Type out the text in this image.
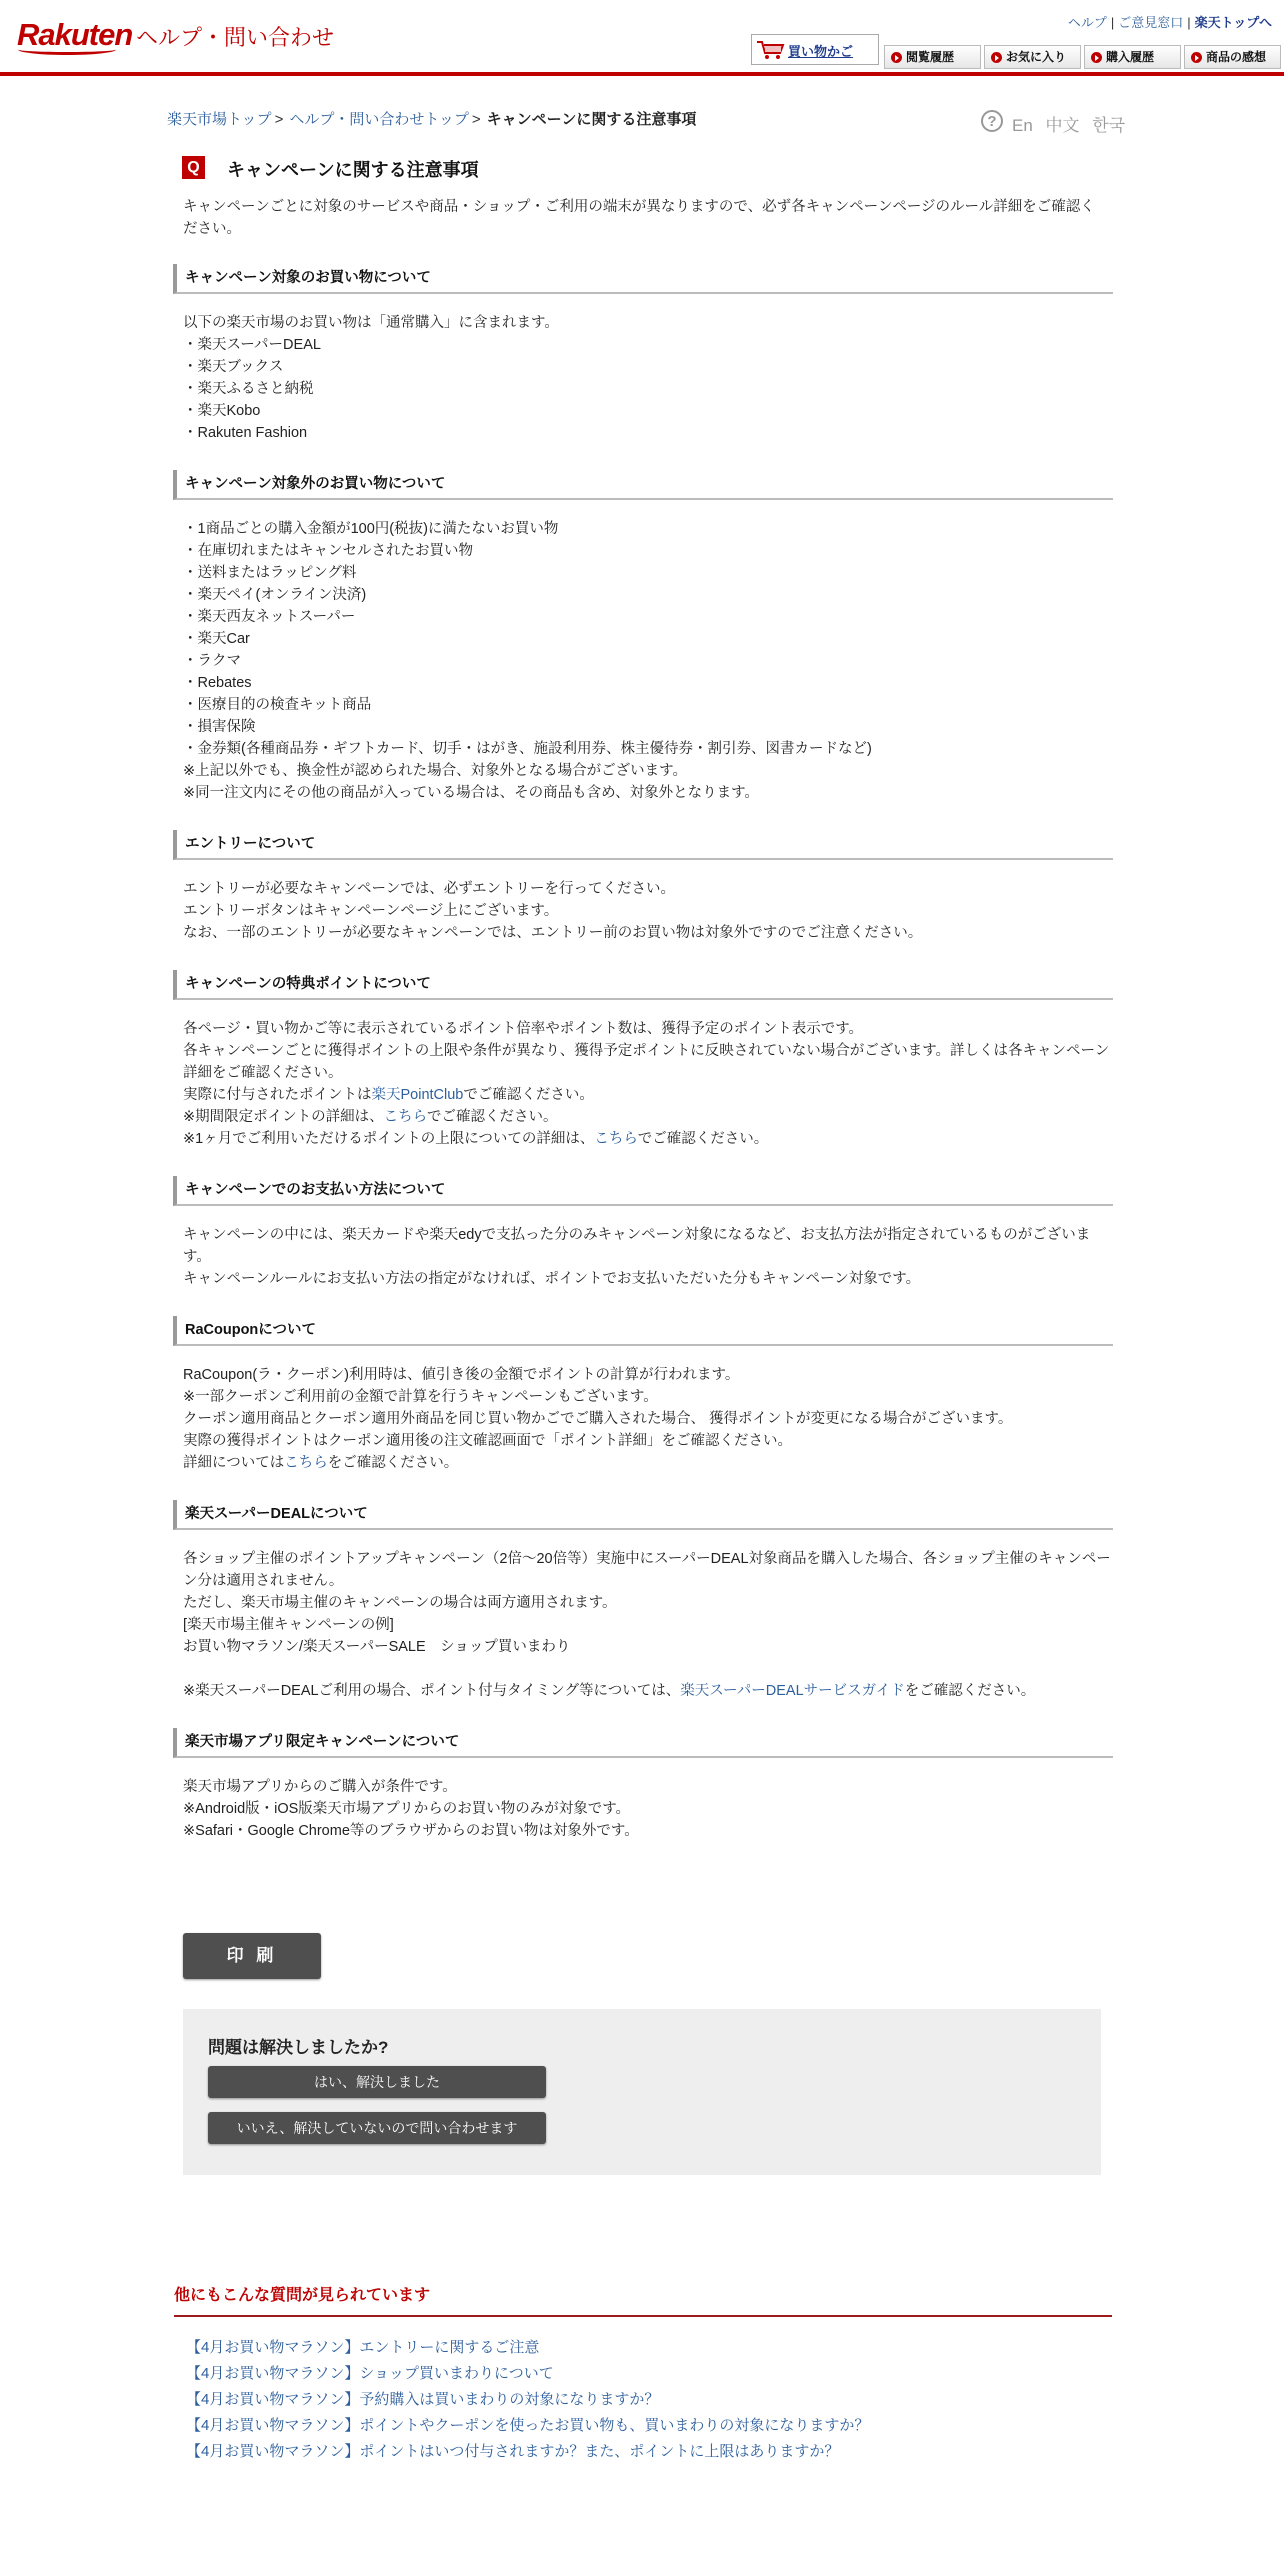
Rakuten ヘルプ・問い合わせ
ヘルプ | ご意見窓口 | 楽天トップへ
買い物かご	閲覧履歴	お気に入り	購入履歴	商品の感想
楽天市場トップ > ヘルプ・問い合わせトップ > キャンペーンに関する注意事項	? En 中文 한국
Q キャンペーンに関する注意事項
キャンペーンごとに対象のサービスや商品・ショップ・ご利用の端末が異なりますので、必ず各キャンペーンページのルール詳細をご確認ください。
キャンペーン対象のお買い物について

以下の楽天市場のお買い物は「通常購入」に含まれます。

・楽天スーパーDEAL

・楽天ブックス

・楽天ふるさと納税

・楽天Kobo

・Rakuten Fashion

キャンペーン対象外のお買い物について

・1商品ごとの購入金額が100円(税抜)に満たないお買い物

・在庫切れまたはキャンセルされたお買い物

・送料またはラッピング料

・楽天ペイ(オンライン決済)

・楽天西友ネットスーパー

・楽天Car

・ラクマ

・Rebates

・医療目的の検査キット商品

・損害保険

・金券類(各種商品券・ギフトカード、切手・はがき、施設利用券、株主優待券・割引券、図書カードなど)

※上記以外でも、換金性が認められた場合、対象外となる場合がございます。

※同一注文内にその他の商品が入っている場合は、その商品も含め、対象外となります。

エントリーについて

エントリーが必要なキャンペーンでは、必ずエントリーを行ってください。

エントリーボタンはキャンペーンページ上にございます。

なお、一部のエントリーが必要なキャンペーンでは、エントリー前のお買い物は対象外ですのでご注意ください。

キャンペーンの特典ポイントについて

各ページ・買い物かご等に表示されているポイント倍率やポイント数は、獲得予定のポイント表示です。

各キャンペーンごとに獲得ポイントの上限や条件が異なり、獲得予定ポイントに反映されていない場合がございます。詳しくは各キャンペーン詳細をご確認ください。

実際に付与されたポイントは楽天PointClubでご確認ください。

※期間限定ポイントの詳細は、こちらでご確認ください。

※1ヶ月でご利用いただけるポイントの上限についての詳細は、こちらでご確認ください。

キャンペーンでのお支払い方法について

キャンペーンの中には、楽天カードや楽天edyで支払った分のみキャンペーン対象になるなど、お支払方法が指定されているものがございます。

キャンペーンルールにお支払い方法の指定がなければ、ポイントでお支払いただいた分もキャンペーン対象です。

RaCouponについて

RaCoupon(ラ・クーポン)利用時は、値引き後の金額でポイントの計算が行われます。

※一部クーポンご利用前の金額で計算を行うキャンペーンもございます。

クーポン適用商品とクーポン適用外商品を同じ買い物かごでご購入された場合、 獲得ポイントが変更になる場合がございます。

実際の獲得ポイントはクーポン適用後の注文確認画面で「ポイント詳細」をご確認ください。

詳細についてはこちらをご確認ください。

楽天スーパーDEALについて

各ショップ主催のポイントアップキャンペーン（2倍～20倍等）実施中にスーパーDEAL対象商品を購入した場合、各ショップ主催のキャンペーン分は適用されません。

ただし、楽天市場主催のキャンペーンの場合は両方適用されます。

[楽天市場主催キャンペーンの例]

お買い物マラソン/楽天スーパーSALE　ショップ買いまわり

※楽天スーパーDEALご利用の場合、ポイント付与タイミング等については、楽天スーパーDEALサービスガイドをご確認ください。

楽天市場アプリ限定キャンペーンについて

楽天市場アプリからのご購入が条件です。

※Android版・iOS版楽天市場アプリからのお買い物のみが対象です。

※Safari・Google Chrome等のブラウザからのお買い物は対象外です。

印 刷
問題は解決しましたか?
はい、解決しました
いいえ、解決していないので問い合わせます
他にもこんな質問が見られています
【4月お買い物マラソン】エントリーに関するご注意
【4月お買い物マラソン】ショップ買いまわりについて
【4月お買い物マラソン】予約購入は買いまわりの対象になりますか？
【4月お買い物マラソン】ポイントやクーポンを使ったお買い物も、買いまわりの対象になりますか？
【4月お買い物マラソン】ポイントはいつ付与されますか？また、ポイントに上限はありますか？
